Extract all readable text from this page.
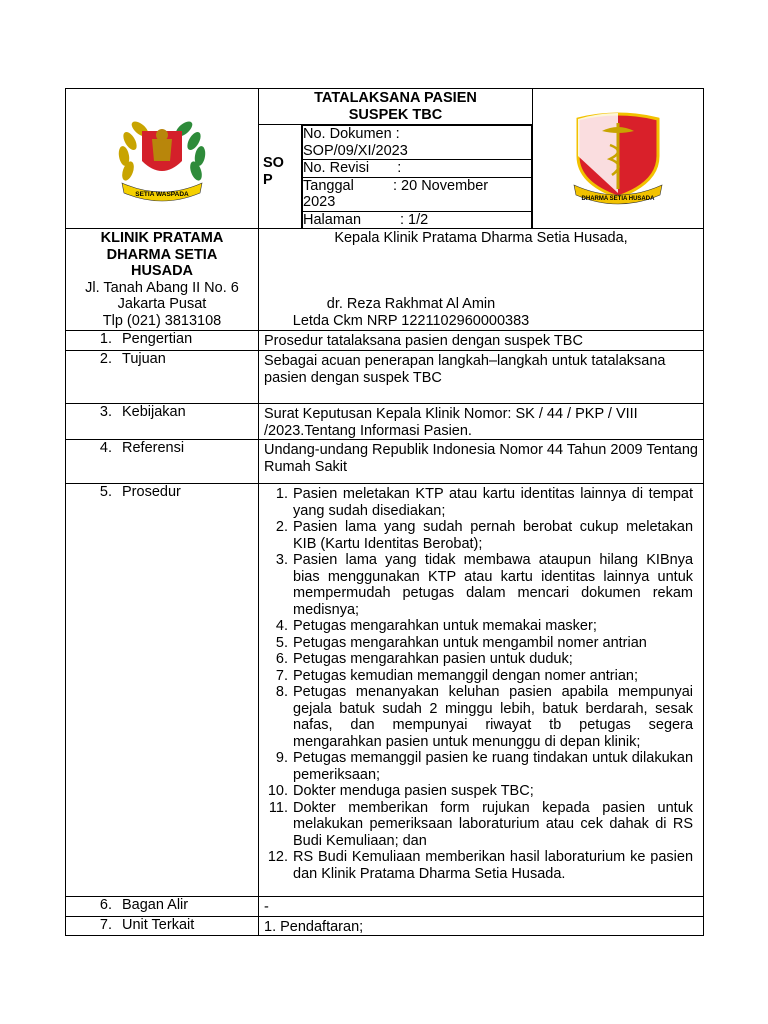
SETIA WASPADA

TATALAKSANA PASIEN
SUSPEK TBC
SO
P
No. Dokumen :
SOP/09/XI/2023

No. Revisi       :

Tanggal	: 20 November
2023

Halaman	: 1/2

DHARMA SETIA HUSADA

KLINIK PRATAMA
DHARMA SETIA
HUSADA
Jl. Tanah Abang II No. 6
Jakarta Pusat
Tlp (021) 3813108

Kepala Klinik Pratama Dharma Setia Husada,
dr. Reza Rakhmat Al Amin
Letda Ckm NRP 1221102960000383

1. Pengertian	Prosedur tatalaksana pasien dengan suspek TBC
2. Tujuan	Sebagai acuan penerapan langkah–langkah untuk tatalaksana pasien dengan suspek TBC
3. Kebijakan	Surat Keputusan Kepala Klinik Nomor: SK / 44 / PKP / VIII /2023.Tentang Informasi Pasien.
4. Referensi	Undang-undang Republik Indonesia Nomor 44 Tahun 2009 Tentang Rumah Sakit
5. Prosedur	1. Pasien meletakan KTP atau kartu identitas lainnya di tempat yang sudah disediakan;
2. Pasien lama yang sudah pernah berobat cukup meletakan KIB (Kartu Identitas Berobat);
3. Pasien lama yang tidak membawa ataupun hilang KIBnya bias menggunakan KTP atau kartu identitas lainnya untuk mempermudah petugas dalam mencari dokumen rekam medisnya;
4. Petugas mengarahkan untuk memakai masker;
5. Petugas mengarahkan untuk mengambil nomer antrian
6. Petugas mengarahkan pasien untuk duduk;
7. Petugas kemudian memanggil dengan nomer antrian;
8. Petugas menanyakan keluhan pasien apabila mempunyai gejala batuk sudah 2 minggu lebih, batuk berdarah, sesak nafas, dan mempunyai riwayat tb petugas segera mengarahkan pasien untuk menunggu di depan klinik;
9. Petugas memanggil pasien ke ruang tindakan untuk dilakukan pemeriksaan;
10. Dokter menduga pasien suspek TBC;
11. Dokter memberikan form rujukan kepada pasien untuk melakukan pemeriksaan laboraturium atau cek dahak di RS Budi Kemuliaan; dan
12. RS Budi Kemuliaan memberikan hasil laboraturium ke pasien dan Klinik Pratama Dharma Setia Husada.

6. Bagan Alir	-
7. Unit Terkait	1. Pendaftaran;
